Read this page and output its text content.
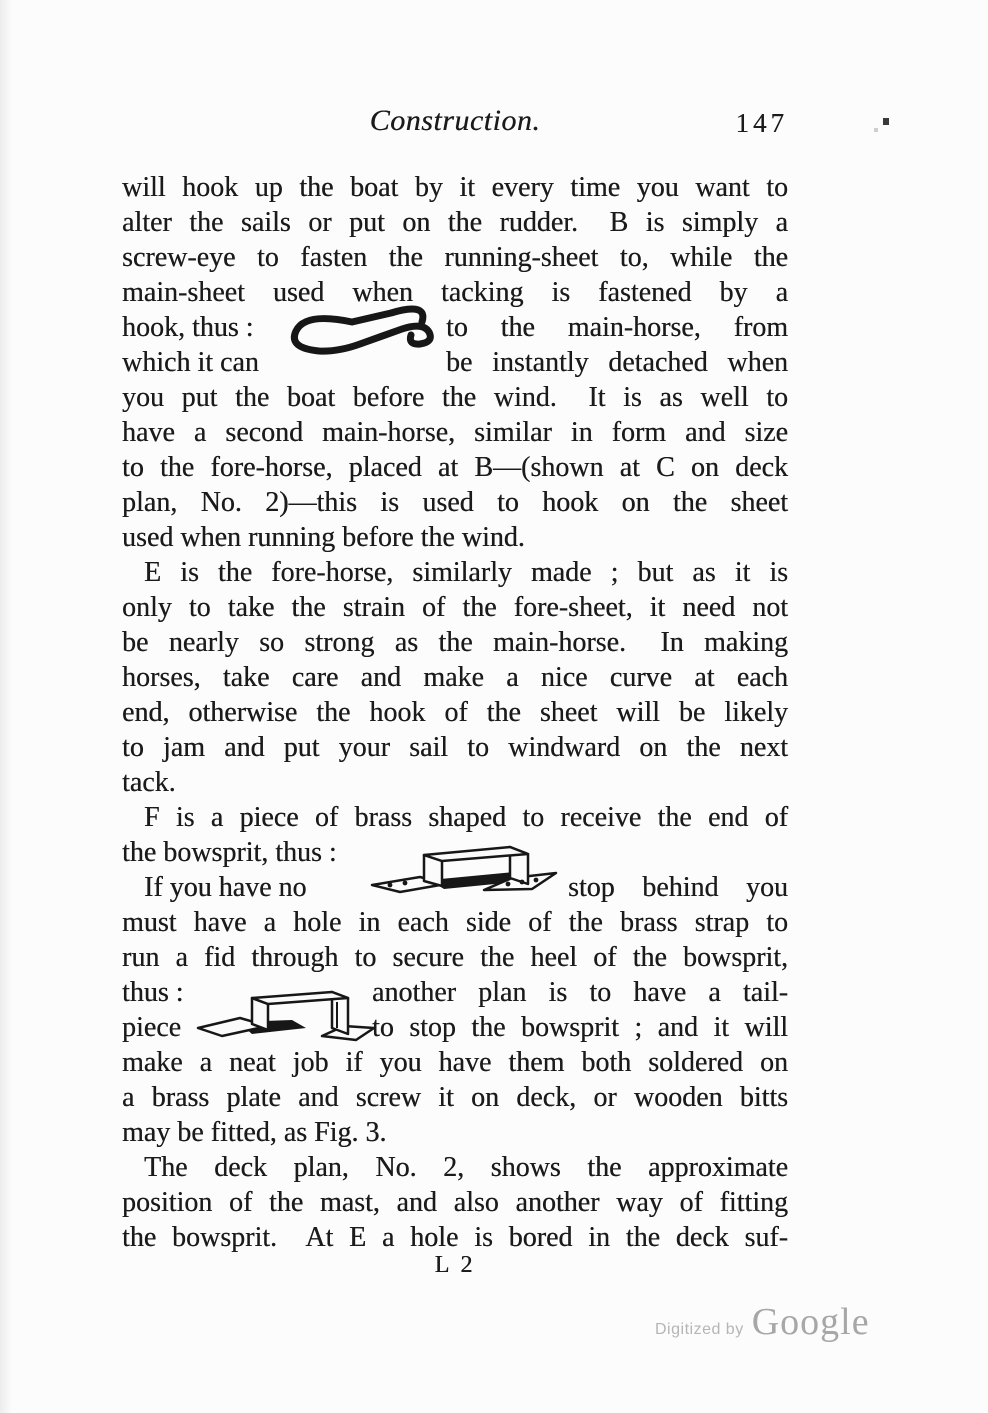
Construction.	147
will hook up the boat by it every time you want to
alter the sails or put on the rudder.  B is simply a
screw-eye to fasten the running-sheet to, while the
main-sheet used when tacking is fastened by a
hook, thus :	to the main-horse, from
which it can	be instantly detached when
you put the boat before the wind.  It is as well to
have a second main-horse, similar in form and size
to the fore-horse, placed at B—(shown at C on deck
plan, No. 2)—this is used to hook on the sheet
used when running before the wind.
E is the fore-horse, similarly made ; but as it is
only to take the strain of the fore-sheet, it need not
be nearly so strong as the main-horse.  In making
horses, take care and make a nice curve at each
end, otherwise the hook of the sheet will be likely
to jam and put your sail to windward on the next
tack.
F is a piece of brass shaped to receive the end of
the bowsprit, thus :
If you have no	stop behind you
must have a hole in each side of the brass strap to
run a fid through to secure the heel of the bowsprit,
thus :	another plan is to have a tail-
piece	to stop the bowsprit ; and it will
make a neat job if you have them both soldered on
a brass plate and screw it on deck, or wooden bitts
may be fitted, as Fig. 3.
The deck plan, No. 2, shows the approximate
position of the mast, and also another way of fitting
the bowsprit.  At E a hole is bored in the deck suf-
L 2
Digitized by Google
